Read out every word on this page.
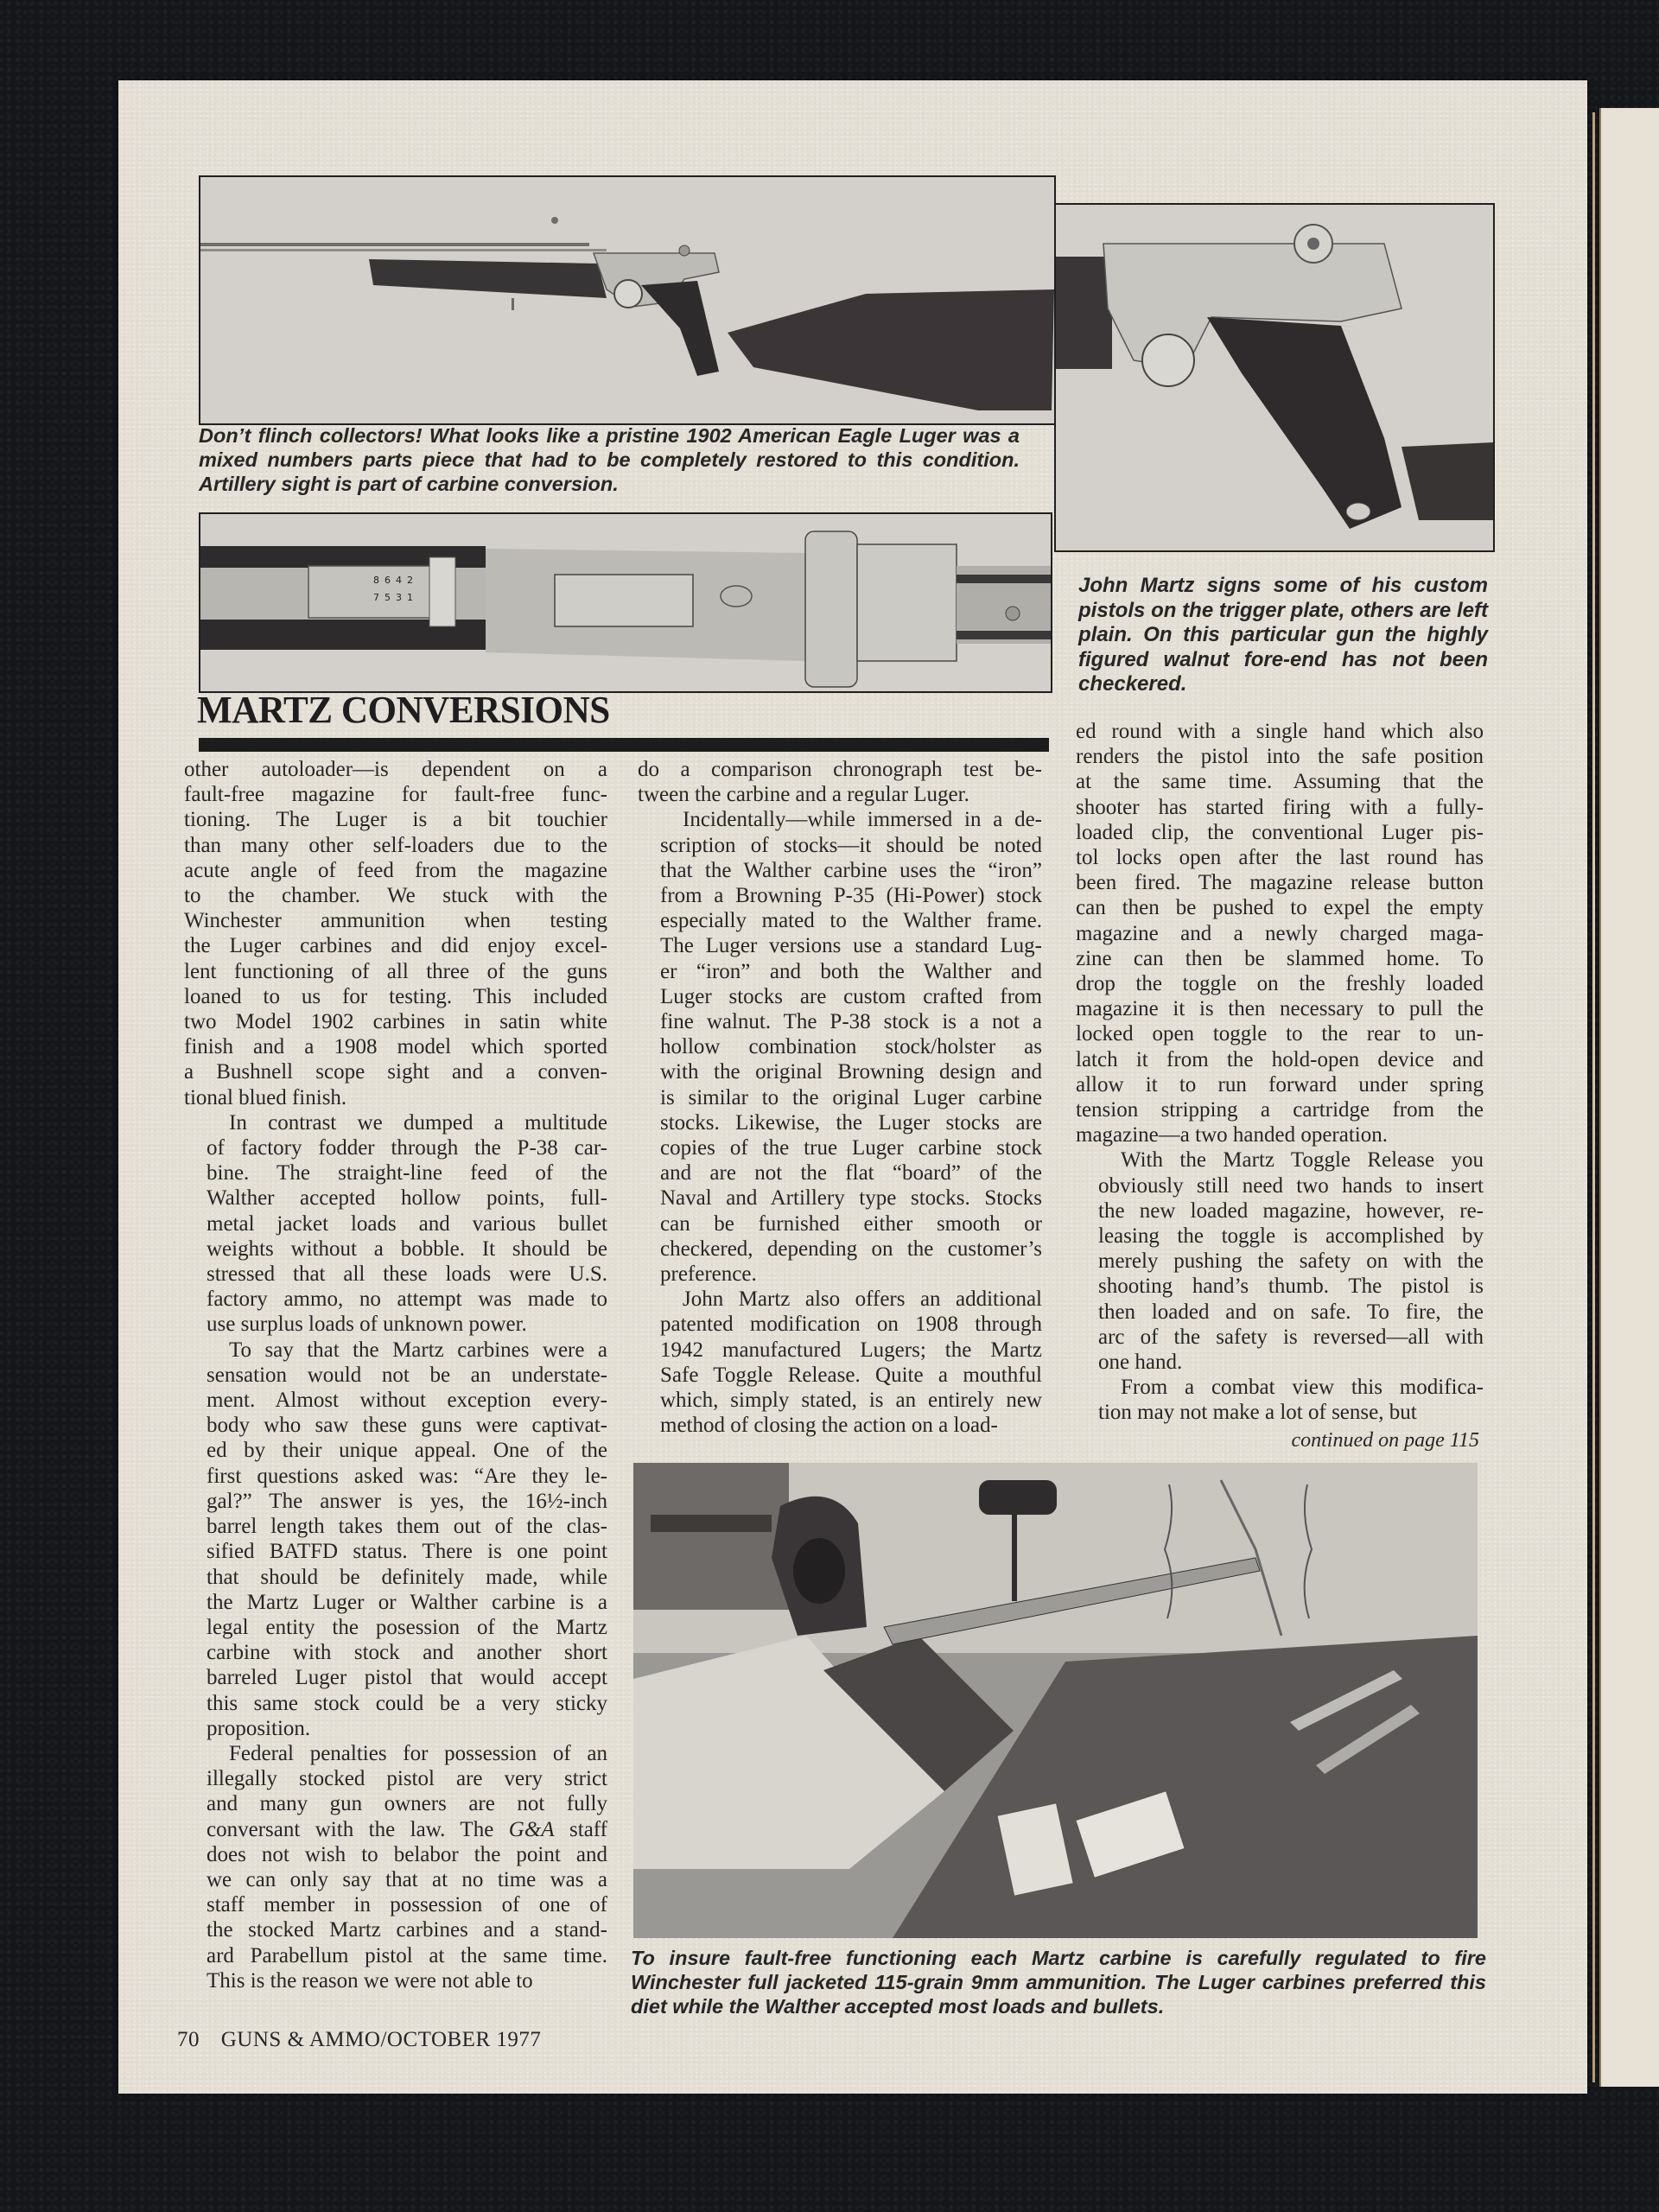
Don’t flinch collectors! What looks like a pristine 1902 American Eagle Luger was a mixed numbers parts piece that had to be completely restored to this condition. Artillery sight is part of carbine conversion.
8 6 4 2
7 5 3 1
John Martz signs some of his custom pistols on the trigger plate, others are left plain. On this particular gun the highly figured walnut fore-end has not been checkered.
MARTZ CONVERSIONS

other autoloader—is dependent on a
fault-free magazine for fault-free func-
tioning. The Luger is a bit touchier
than many other self-loaders due to the
acute angle of feed from the magazine
to the chamber. We stuck with the
Winchester ammunition when testing
the Luger carbines and did enjoy excel-
lent functioning of all three of the guns
loaned to us for testing. This included
two Model 1902 carbines in satin white
finish and a 1908 model which sported
a Bushnell scope sight and a conven-
tional blued finish.

In contrast we dumped a multitude
of factory fodder through the P-38 car-
bine. The straight-line feed of the
Walther accepted hollow points, full-
metal jacket loads and various bullet
weights without a bobble. It should be
stressed that all these loads were U.S.
factory ammo, no attempt was made to
use surplus loads of unknown power.

To say that the Martz carbines were a
sensation would not be an understate-
ment. Almost without exception every-
body who saw these guns were captivat-
ed by their unique appeal. One of the
first questions asked was: “Are they le-
gal?” The answer is yes, the 16½-inch
barrel length takes them out of the clas-
sified BATFD status. There is one point
that should be definitely made, while
the Martz Luger or Walther carbine is a
legal entity the posession of the Martz
carbine with stock and another short
barreled Luger pistol that would accept
this same stock could be a very sticky
proposition.

Federal penalties for possession of an
illegally stocked pistol are very strict
and many gun owners are not fully
conversant with the law. The G&A staff
does not wish to belabor the point and
we can only say that at no time was a
staff member in possession of one of
the stocked Martz carbines and a stand-
ard Parabellum pistol at the same time.
This is the reason we were not able to

do a comparison chronograph test be-
tween the carbine and a regular Luger.

Incidentally—while immersed in a de-
scription of stocks—it should be noted
that the Walther carbine uses the “iron”
from a Browning P-35 (Hi-Power) stock
especially mated to the Walther frame.
The Luger versions use a standard Lug-
er “iron” and both the Walther and
Luger stocks are custom crafted from
fine walnut. The P-38 stock is a not a
hollow combination stock/holster as
with the original Browning design and
is similar to the original Luger carbine
stocks. Likewise, the Luger stocks are
copies of the true Luger carbine stock
and are not the flat “board” of the
Naval and Artillery type stocks. Stocks
can be furnished either smooth or
checkered, depending on the customer’s
preference.

John Martz also offers an additional
patented modification on 1908 through
1942 manufactured Lugers; the Martz
Safe Toggle Release. Quite a mouthful
which, simply stated, is an entirely new
method of closing the action on a load-

ed round with a single hand which also
renders the pistol into the safe position
at the same time. Assuming that the
shooter has started firing with a fully-
loaded clip, the conventional Luger pis-
tol locks open after the last round has
been fired. The magazine release button
can then be pushed to expel the empty
magazine and a newly charged maga-
zine can then be slammed home. To
drop the toggle on the freshly loaded
magazine it is then necessary to pull the
locked open toggle to the rear to un-
latch it from the hold-open device and
allow it to run forward under spring
tension stripping a cartridge from the
magazine—a two handed operation.

With the Martz Toggle Release you
obviously still need two hands to insert
the new loaded magazine, however, re-
leasing the toggle is accomplished by
merely pushing the safety on with the
shooting hand’s thumb. The pistol is
then loaded and on safe. To fire, the
arc of the safety is reversed—all with
one hand.

From a combat view this modifica-
tion may not make a lot of sense, but

continued on page 115
To insure fault-free functioning each Martz carbine is carefully regulated to fire Winchester full jacketed 115-grain 9mm ammunition. The Luger carbines preferred this diet while the Walther accepted most loads and bullets.
70 GUNS & AMMO/OCTOBER 1977
